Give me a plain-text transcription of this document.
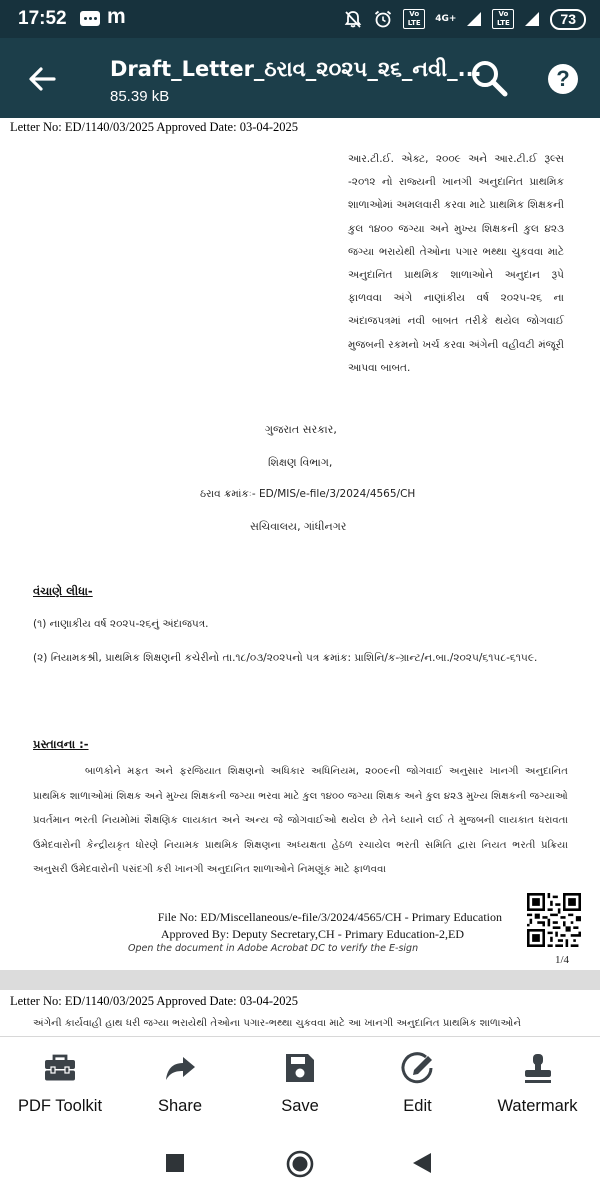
17:52 m	Vo LTE	4G+	Vo
LTE	73
Draft_Letter_ઠરાવ_૨૦૨૫_૨૬_નવી_...
85.39 kB
?
Letter No: ED/1140/03/2025 Approved Date: 03-04-2025
આર.ટી.ઈ. એક્ટ, ૨૦૦૯ અને આર.ટી.ઈ રૂલ્સ -૨૦૧૨ નો રાજ્યની ખાનગી અનુદાનિત પ્રાથમિક શાળાઓમાં અમલવારી કરવા માટે પ્રાથમિક શિક્ષકની કુલ ૧૪૦૦ જગ્યા અને મુખ્ય શિક્ષકની કુલ ૪૨૩ જગ્યા ભરાયેથી તેઓના પગાર ભથ્થા ચુકવવા માટે અનુદાનિત પ્રાથમિક શાળાઓને અનુદાન રૂપે ફાળવવા અંગે નાણાંકીય વર્ષ ૨૦૨૫-૨૬ ના અંદાજપત્રમાં નવી બાબત તરીકે થયેલ જોગવાઈ મુજબની રકમનો ખર્ચ કરવા અંગેની વહીવટી મંજૂરી આપવા બાબત.
ગુજરાત સરકાર,
શિક્ષણ વિભાગ,
ઠરાવ ક્રમાંકઃ- ED/MIS/e-file/3/2024/4565/CH
સચિવાલય, ગાંધીનગર
વંચાણે લીધા-
(૧) નાણાકીય વર્ષ ૨૦૨૫-૨૬નું અંદાજપત્ર.
(૨) નિયામકશ્રી, પ્રાથમિક શિક્ષણની કચેરીનો તા.૧૮/૦૩/૨૦૨૫નો પત્ર ક્રમાંક: પ્રાશિનિ/ક-ગ્રાન્ટ/ન.બા./૨૦૨૫/૬૧૫૮-૬૧૫૯.
પ્રસ્તાવના :-
બાળકોને મફત અને ફરજિયાત શિક્ષણનો અધિકાર અધિનિયમ, ૨૦૦૯ની જોગવાઈ અનુસાર ખાનગી અનુદાનિત પ્રાથમિક શાળાઓમાં શિક્ષક અને મુખ્ય શિક્ષકની જગ્યા ભરવા માટે કુલ ૧૪૦૦ જગ્યા શિક્ષક અને કુલ ૪૨૩ મુખ્ય શિક્ષકની જગ્યાઓ પ્રવર્તમાન ભરતી નિયમોમાં શૈક્ષણિક લાયકાત અને અન્ય જે જોગવાઈઓ થયેલ છે તેને ધ્યાને લઈ તે મુજબની લાયકાત ધરાવતા ઉમેદવારોની કેન્દ્રીયકૃત ધોરણે નિયામક પ્રાથમિક શિક્ષણના અધ્યક્ષતા હેઠળ રચાયેલ ભરતી સમિતિ દ્વારા નિયત ભરતી પ્રક્રિયા અનુસરી ઉમેદવારોની પસંદગી કરી ખાનગી અનુદાનિત શાળાઓને નિમણૂંક માટે ફાળવવા
File No: ED/Miscellaneous/e-file/3/2024/4565/CH - Primary Education
Approved By: Deputy Secretary,CH - Primary Education-2,ED
Open the document in Adobe Acrobat DC to verify the E-sign
1/4
Letter No: ED/1140/03/2025 Approved Date: 03-04-2025
અંગેની કાર્યવાહી હાથ ધરી જગ્યા ભરાયેથી તેઓના પગાર-ભથ્થા ચુકવવા માટે આ ખાનગી અનુદાનિત પ્રાથમિક શાળાઓને
PDF Toolkit	Share	Save	Edit	Watermark
